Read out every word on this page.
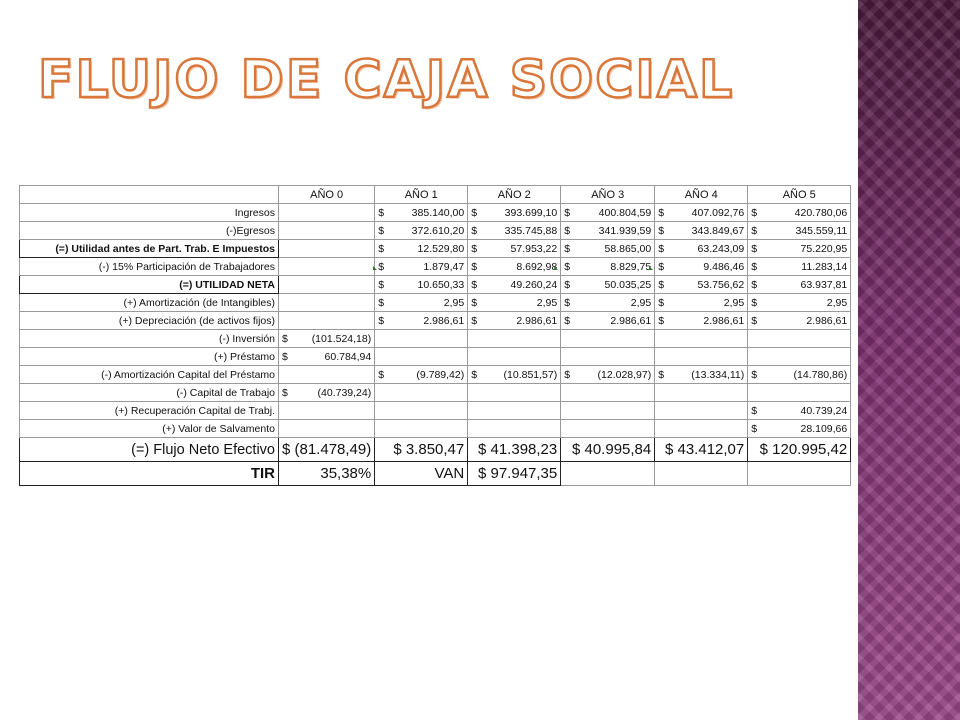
FLUJO DE CAJA SOCIAL
	AÑO 0	AÑO 1	AÑO 2	AÑO 3	AÑO 4	AÑO 5
Ingresos		$ 385.140,00	$ 393.699,10	$ 400.804,59	$ 407.092,76	$ 420.780,06

(-)Egresos		$ 372.610,20	$ 335.745,88	$ 341.939,59	$ 343.849,67	$ 345.559,11

(=) Utilidad antes de Part. Trab. E Impuestos		$ 12.529,80	$ 57.953,22	$ 58.865,00	$ 63.243,09	$ 75.220,95

(-) 15% Participación de Trabajadores		$ 1.879,47	$ 8.692,98	$ 8.829,75	$ 9.486,46	$ 11.283,14

(=) UTILIDAD NETA		$ 10.650,33	$ 49.260,24	$ 50.035,25	$ 53.756,62	$ 63.937,81

(+) Amortización (de Intangibles)		$ 2,95	$ 2,95	$ 2,95	$ 2,95	$ 2,95

(+) Depreciación (de activos fijos)		$ 2.986,61	$ 2.986,61	$ 2.986,61	$ 2.986,61	$ 2.986,61

(-) Inversión	$ (101.524,18)					

(+) Préstamo	$ 60.784,94					

(-) Amortización Capital del Préstamo		$ (9.789,42)	$ (10.851,57)	$ (12.028,97)	$ (13.334,11)	$ (14.780,86)

(-) Capital de Trabajo	$ (40.739,24)					

(+) Recuperación Capital de Trabj.						$ 40.739,24

(+) Valor de Salvamento						$ 28.109,66

(=) Flujo Neto Efectivo	$ (81.478,49)	$ 3.850,47	$ 41.398,23	$ 40.995,84	$ 43.412,07	$ 120.995,42
TIR	35,38%	VAN	$ 97.947,35			
